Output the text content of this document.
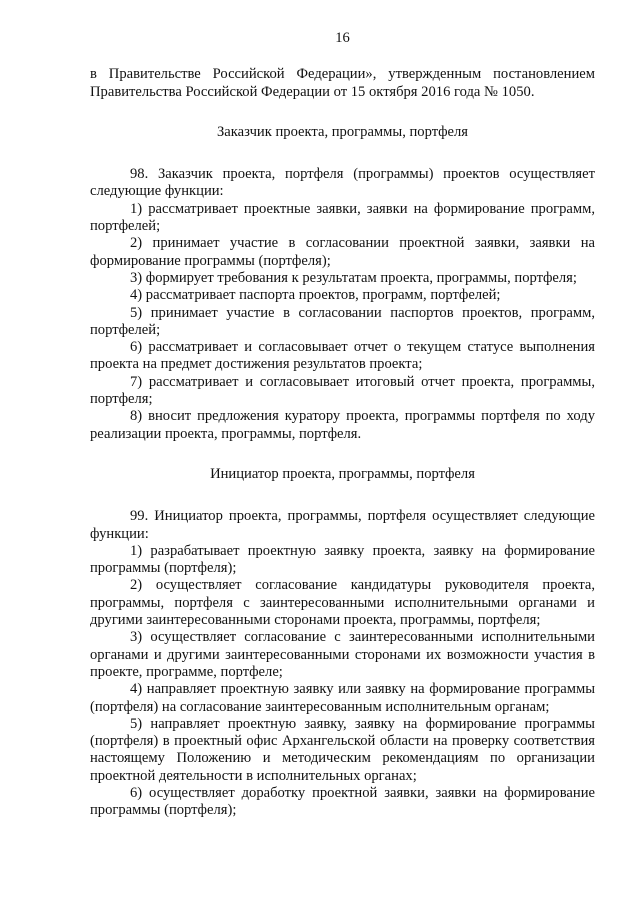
16

в Правительстве Российской Федерации», утвержденным постановлением Правительства Российской Федерации от 15 октября 2016 года № 1050.

Заказчик проекта, программы, портфеля

98. Заказчик проекта, портфеля (программы) проектов осуществляет следующие функции:

1) рассматривает проектные заявки, заявки на формирование программ, портфелей;

2) принимает участие в согласовании проектной заявки, заявки на формирование программы (портфеля);

3) формирует требования к результатам проекта, программы, портфеля;

4) рассматривает паспорта проектов, программ, портфелей;

5) принимает участие в согласовании паспортов проектов, программ, портфелей;

6) рассматривает и согласовывает отчет о текущем статусе выполнения проекта на предмет достижения результатов проекта;

7) рассматривает и согласовывает итоговый отчет проекта, программы, портфеля;

8) вносит предложения куратору проекта, программы портфеля по ходу реализации проекта, программы, портфеля.

Инициатор проекта, программы, портфеля

99. Инициатор проекта, программы, портфеля осуществляет следующие функции:

1) разрабатывает проектную заявку проекта, заявку на формирование программы (портфеля);

2) осуществляет согласование кандидатуры руководителя проекта, программы, портфеля с заинтересованными исполнительными органами и другими заинтересованными сторонами проекта, программы, портфеля;

3) осуществляет согласование с заинтересованными исполнительными органами и другими заинтересованными сторонами их возможности участия в проекте, программе, портфеле;

4) направляет проектную заявку или заявку на формирование программы (портфеля) на согласование заинтересованным исполнительным органам;

5) направляет проектную заявку, заявку на формирование программы (портфеля) в проектный офис Архангельской области на проверку соответствия настоящему Положению и методическим рекомендациям по организации проектной деятельности в исполнительных органах;

6) осуществляет доработку проектной заявки, заявки на формирование программы (портфеля);
